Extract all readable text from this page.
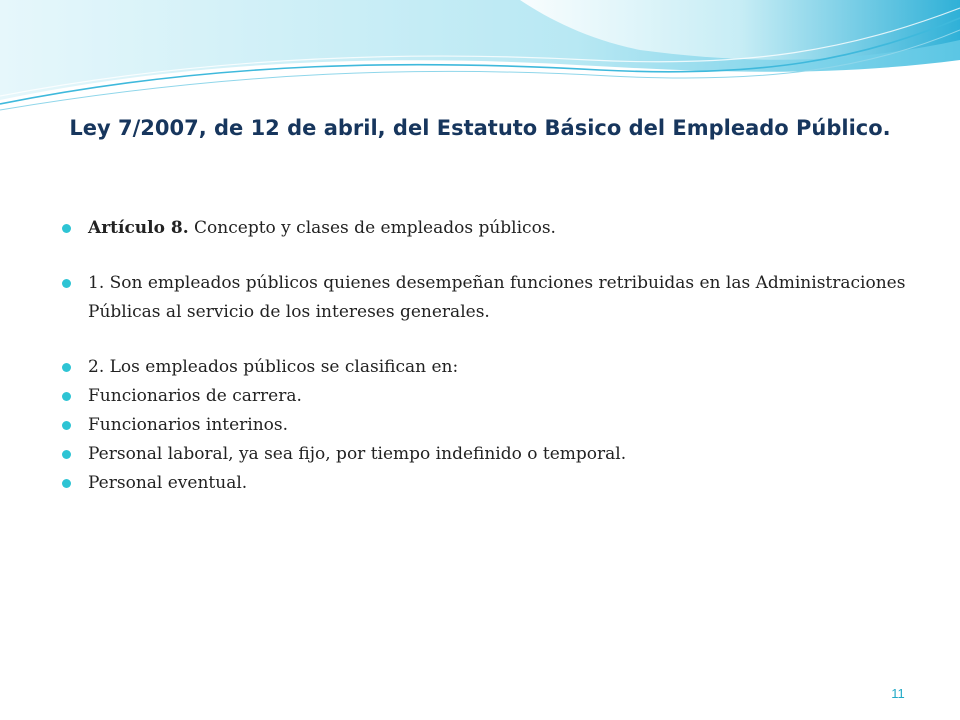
Ley 7/2007, de 12 de abril, del Estatuto Básico del Empleado Público.
Artículo 8. Concepto y clases de empleados públicos.
1. Son empleados públicos quienes desempeñan funciones retribuidas en las Administraciones Públicas al servicio de los intereses generales.
2. Los empleados públicos se clasifican en:
Funcionarios de carrera.
Funcionarios interinos.
Personal laboral, ya sea fijo, por tiempo indefinido o temporal.
Personal eventual.
11
